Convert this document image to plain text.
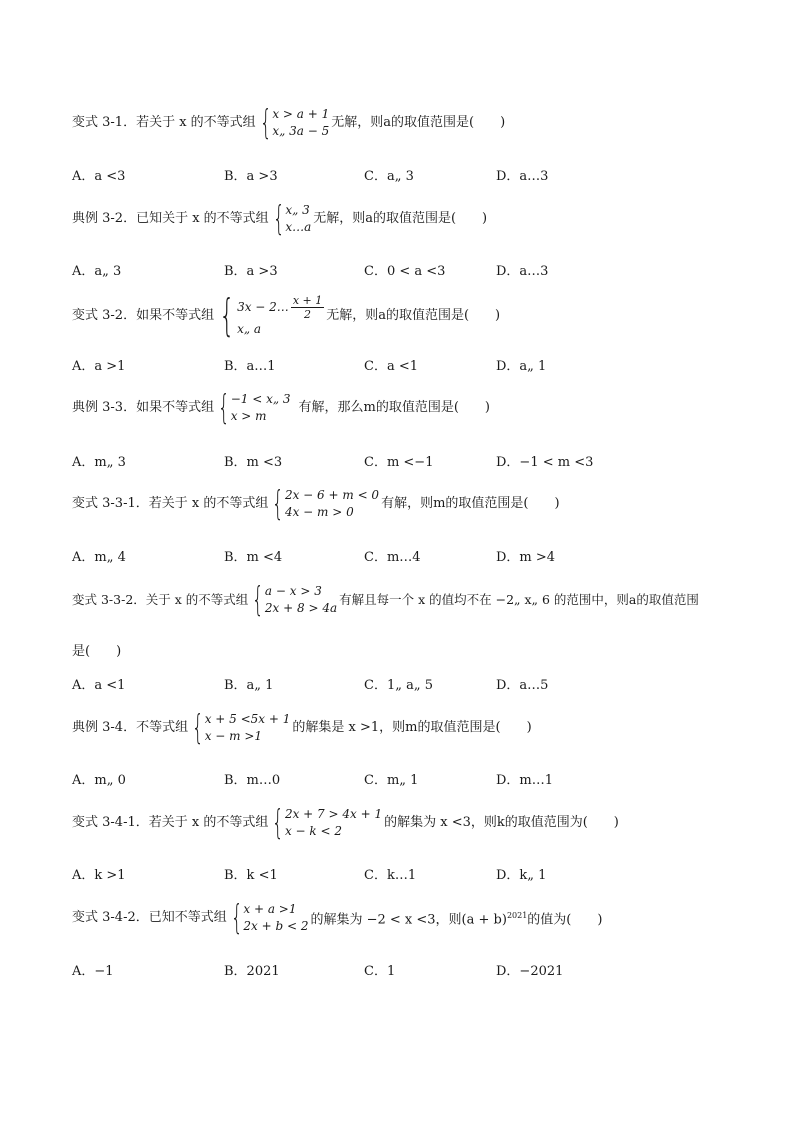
变式 3-1．若关于 x 的不等式组 { x > a + 1
x„ 3a − 5
无解，则a的取值范围是(　　)
A．a <3	B．a >3	C．a„ 3	D．a…3
典例 3-2．已知关于 x 的不等式组 { x„ 3
x…a
无解，则a的取值范围是(　　)
A．a„ 3	B．a >3	C．0 < a <3	D．a…3
变式 3-2．如果不等式组 { 3x − 2… $\frac{x + 1}{2}$
x„ a
无解，则a的取值范围是(　　)
A．a >1	B．a…1	C．a <1	D．a„ 1
典例 3-3．如果不等式组 { −1 < x„ 3
x > m
有解，那么m的取值范围是(　　)
A．m„ 3	B．m <3	C．m <−1	D．−1 < m <3
变式 3-3-1．若关于 x 的不等式组 { 2x − 6 + m < 0
4x − m > 0
有解，则m的取值范围是(　　)
A．m„ 4	B．m <4	C．m…4	D．m >4
变式 3-3-2．关于 x 的不等式组 { a − x > 3
2x + 8 > 4a
有解且每一个 x 的值均不在 −2„ x„ 6 的范围中，则a的取值范围
是(　　)
A．a <1	B．a„ 1	C．1„ a„ 5	D．a…5
典例 3-4．不等式组 { x + 5 <5x + 1
x − m >1
的解集是 x >1，则m的取值范围是(　　)
A．m„ 0	B．m…0	C．m„ 1	D．m…1
变式 3-4-1．若关于 x 的不等式组 { 2x + 7 > 4x + 1
x − k < 2
的解集为 x <3，则k的取值范围为(　　)
A．k >1	B．k <1	C．k…1	D．k„ 1
变式 3-4-2．已知不等式组 { x + a >1
2x + b < 2 的解集为 −2 < x <3，则$(a + b)^{2021}$的值为(　　)
A．−1	B．2021	C．1	D．−2021
